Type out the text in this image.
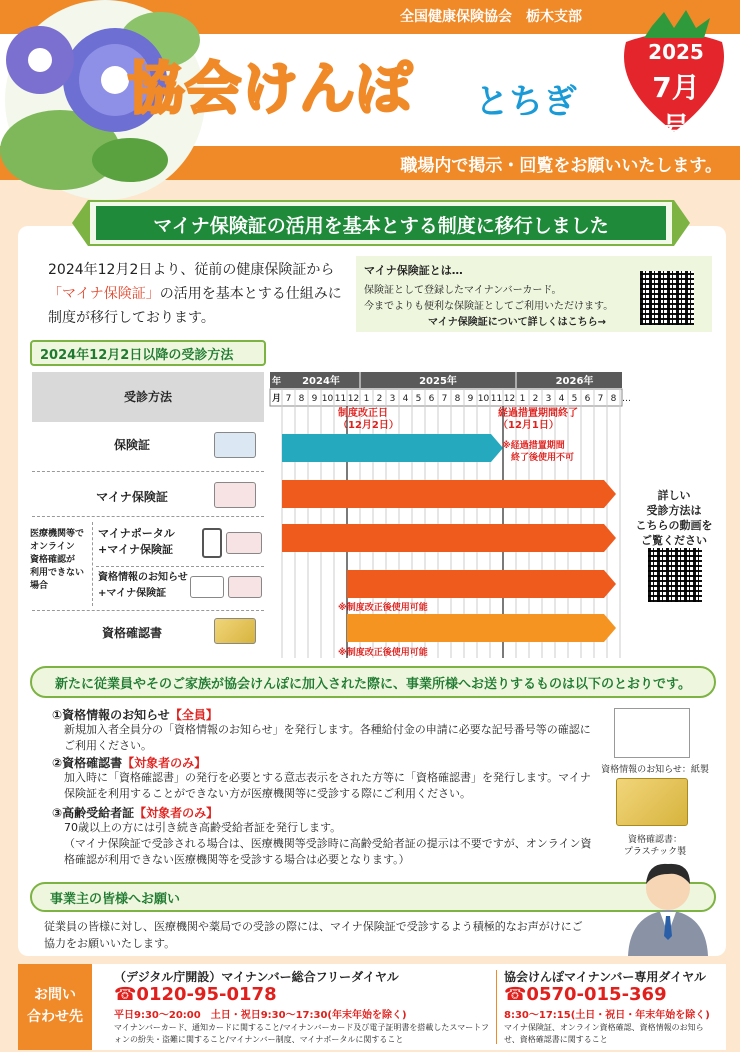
全国健康保険協会　栃木支部
職場内で掲示・回覧をお願いいたします。
協会けんぽ とちぎ
2025
7月号
マイナ保険証の活用を基本とする制度に移行しました
2024年12月2日より、従前の健康保険証から「マイナ保険証」の活用を基本とする仕組みに制度が移行しております。
マイナ保険証とは…
保険証として登録したマイナンバーカード。
今までよりも便利な保険証としてご利用いただけます。
マイナ保険証について詳しくはこちら→
2024年12月2日以降の受診方法
受診方法
年
月
2024年	2025年	2026年
7 8 9 10 11 12 1 2 3 4 5 6 7 8 9 10 11 12 1 2 3 4 5 6 7 8 …
保険証
マイナ保険証
医療機関等で
オンライン
資格確認が
利用できない
場合
マイナポータル
+マイナ保険証
資格情報のお知らせ
+マイナ保険証
資格確認書
制度改正日
（12月2日）
経過措置期間終了
（12月1日）
※経過措置期間
　終了後使用不可
※制度改正後使用可能
※制度改正後使用可能
詳しい
受診方法は
こちらの動画を
ご覧ください
新たに従業員やそのご家族が協会けんぽに加入された際に、事業所様へお送りするものは以下のとおりです。
①資格情報のお知らせ【全員】
新規加入者全員分の「資格情報のお知らせ」を発行します。各種給付金の申請に必要な記号番号等の確認にご利用ください。
②資格確認書【対象者のみ】
加入時に「資格確認書」の発行を必要とする意志表示をされた方等に「資格確認書」を発行します。マイナ保険証を利用することができない方が医療機関等に受診する際にご利用ください。
③高齢受給者証【対象者のみ】
70歳以上の方には引き続き高齢受給者証を発行します。
（マイナ保険証で受診される場合は、医療機関等受診時に高齢受給者証の提示は不要ですが、オンライン資格確認が利用できない医療機関等を受診する場合は必要となります。）
資格情報のお知らせ：紙製
資格確認書：
プラスチック製
事業主の皆様へお願い
従業員の皆様に対し、医療機関や薬局での受診の際には、マイナ保険証で受診するよう積極的なお声がけにご協力をお願いいたします。
お問い
合わせ先
（デジタル庁開設）マイナンバー総合フリーダイヤル
☎0120-95-0178
平日9:30～20:00　土日・祝日9:30～17:30(年末年始を除く)
マイナンバーカード、通知カードに関すること/マイナンバーカード及び電子証明書を搭載したスマートフォンの紛失・盗難に関すること/マイナンバー制度、マイナポータルに関すること
協会けんぽマイナンバー専用ダイヤル
☎0570-015-369
8:30～17:15(土日・祝日・年末年始を除く)
マイナ保険証、オンライン資格確認、資格情報のお知らせ、資格確認書に関すること
